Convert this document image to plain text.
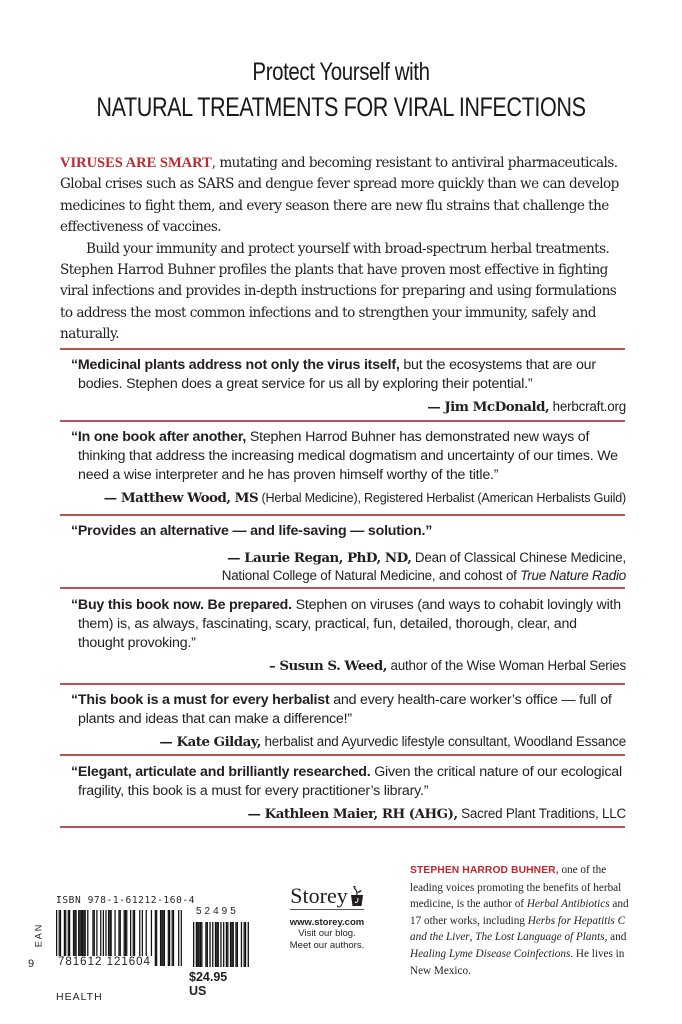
Protect Yourself with
NATURAL TREATMENTS FOR VIRAL INFECTIONS

VIRUSES ARE SMART, mutating and becoming resistant to antiviral pharmaceuticals. Global crises such as SARS and dengue fever spread more quickly than we can develop medicines to fight them, and every season there are new flu strains that challenge the effectiveness of vaccines.

Build your immunity and protect yourself with broad-spectrum herbal treatments. Stephen Harrod Buhner profiles the plants that have proven most effective in fighting viral infections and provides in-depth instructions for preparing and using formulations to address the most common infections and to strengthen your immunity, safely and naturally.

“Medicinal plants address not only the virus itself, but the ecosystems that are our bodies. Stephen does a great service for us all by exploring their potential.”

— Jim McDonald, herbcraft.org

“In one book after another, Stephen Harrod Buhner has demonstrated new ways of thinking that address the increasing medical dogmatism and uncertainty of our times. We need a wise interpreter and he has proven himself worthy of the title.”

— Matthew Wood, MS (Herbal Medicine), Registered Herbalist (American Herbalists Guild)

“Provides an alternative — and life-saving — solution.”

— Laurie Regan, PhD, ND, Dean of Classical Chinese Medicine,
National College of Natural Medicine, and cohost of True Nature Radio

“Buy this book now. Be prepared. Stephen on viruses (and ways to cohabit lovingly with them) is, as always, fascinating, scary, practical, fun, detailed, thorough, clear, and thought provoking.”

– Susun S. Weed, author of the Wise Woman Herbal Series

“This book is a must for every herbalist and every health-care worker’s office — full of plants and ideas that can make a difference!”

— Kate Gilday, herbalist and Ayurvedic lifestyle consultant, Woodland Essance

“Elegant, articulate and brilliantly researched. Given the critical nature of our ecological fragility, this book is a must for every practitioner’s library.”

— Kathleen Maier, RH (AHG), Sacred Plant Traditions, LLC
ISBN 978-1-61212-160-4
EAN
9 781612 121604
52495
$24.95 US
HEALTH
Storey
www.storey.com
Visit our blog.
Meet our authors.
STEPHEN HARROD BUHNER, one of the leading voices promoting the benefits of herbal medicine, is the author of Herbal Antibiotics and 17 other works, including Herbs for Hepatitis C and the Liver, The Lost Language of Plants, and Healing Lyme Disease Coinfections. He lives in New Mexico.
